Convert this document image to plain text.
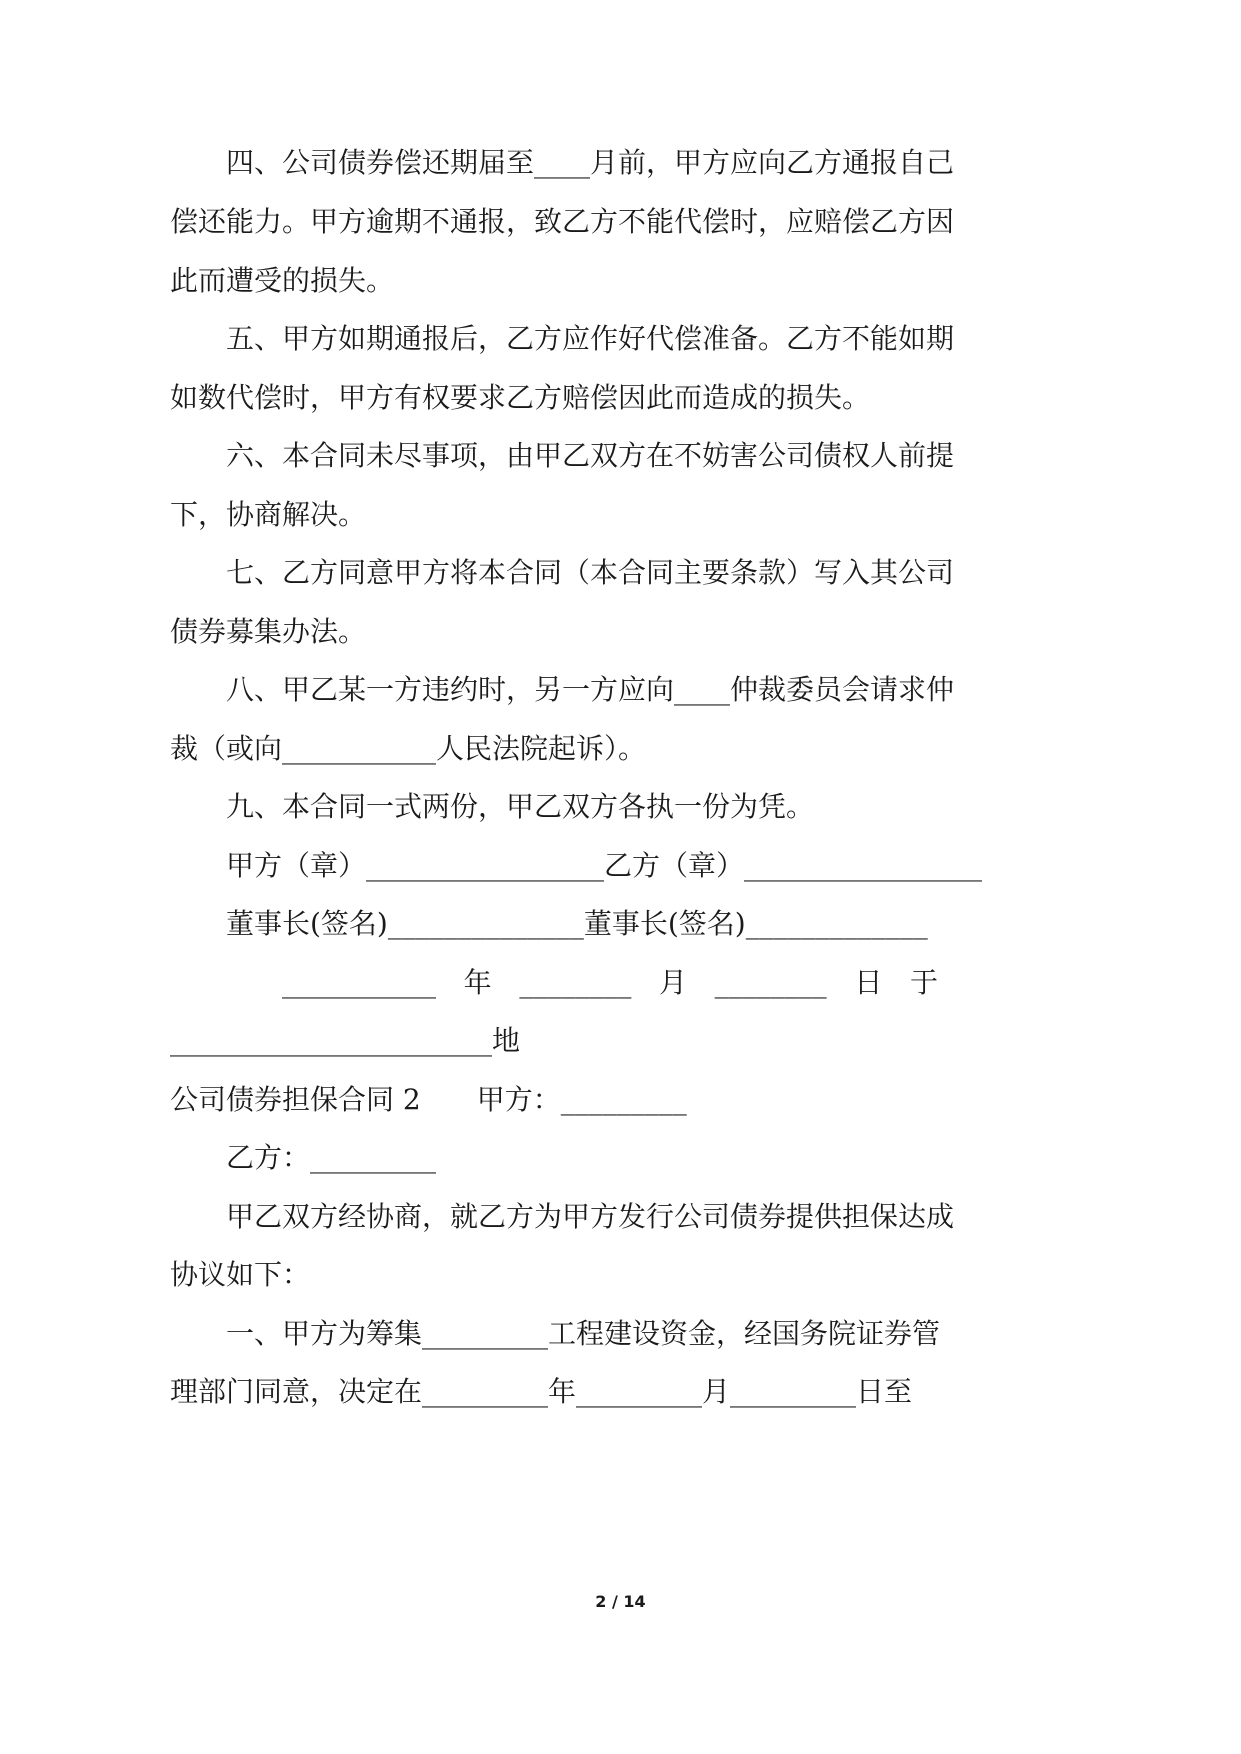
四、公司债券偿还期届至____月前，甲方应向乙方通报自己
偿还能力。甲方逾期不通报，致乙方不能代偿时，应赔偿乙方因
此而遭受的损失。
五、甲方如期通报后，乙方应作好代偿准备。乙方不能如期
如数代偿时，甲方有权要求乙方赔偿因此而造成的损失。
六、本合同未尽事项，由甲乙双方在不妨害公司债权人前提
下，协商解决。
七、乙方同意甲方将本合同（本合同主要条款）写入其公司
债券募集办法。
八、甲乙某一方违约时，另一方应向____仲裁委员会请求仲
裁（或向___________人民法院起诉）。
九、本合同一式两份，甲乙双方各执一份为凭。
甲方（章）_________________乙方（章）_________________
董事长(签名)______________董事长(签名)_____________
___________ 年 ________ 月 ________ 日 于
_______________________地
公司债券担保合同 2　　甲方：_________
乙方：_________
甲乙双方经协商，就乙方为甲方发行公司债券提供担保达成
协议如下：
一、甲方为筹集_________工程建设资金，经国务院证券管
理部门同意，决定在_________年_________月_________日至
2 / 14
